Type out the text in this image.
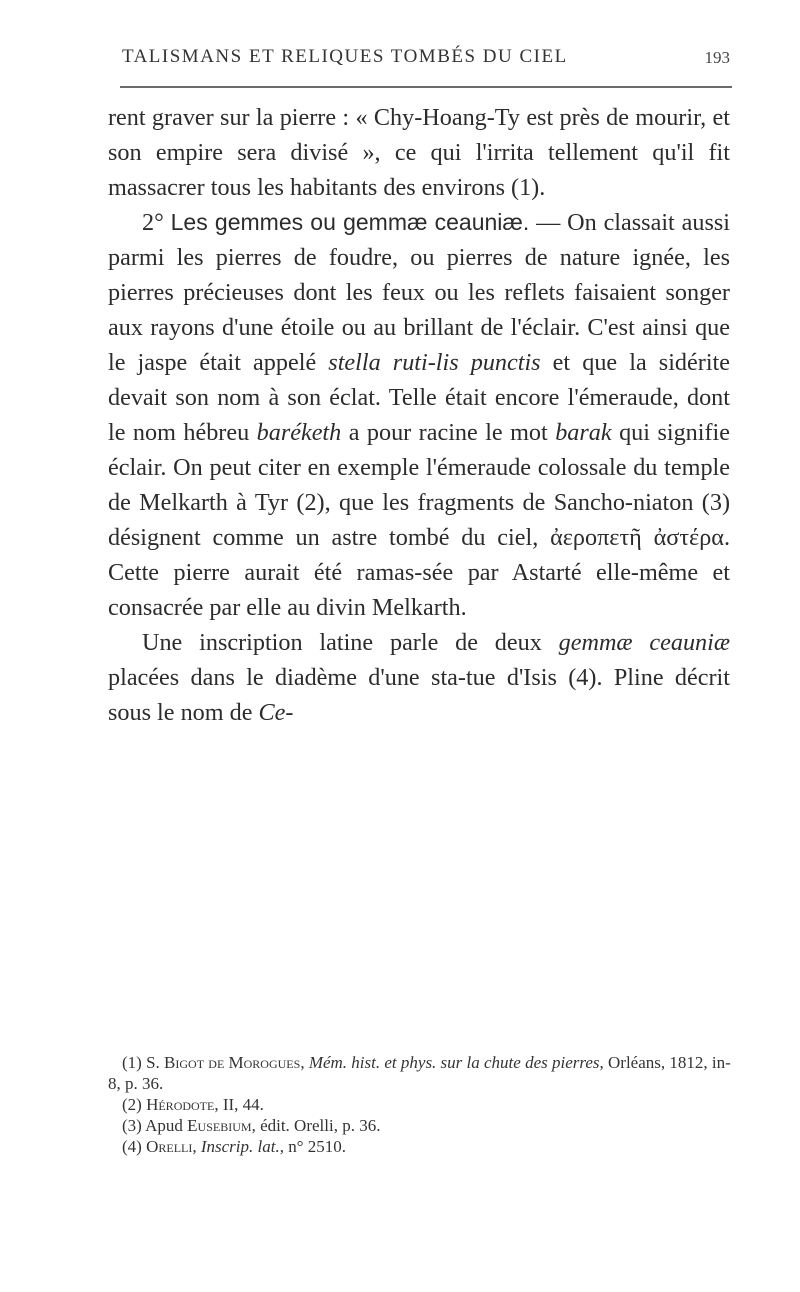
TALISMANS ET RELIQUES TOMBÉS DU CIEL	193

rent graver sur la pierre : « Chy-Hoang-Ty est près de mourir, et son empire sera divisé », ce qui l'irrita tellement qu'il fit massacrer tous les habitants des environs (1).

2° Les gemmes ou gemmæ ceauniæ. — On classait aussi parmi les pierres de foudre, ou pierres de nature ignée, les pierres précieuses dont les feux ou les reflets faisaient songer aux rayons d'une étoile ou au brillant de l'éclair. C'est ainsi que le jaspe était appelé stella ruti-lis punctis et que la sidérite devait son nom à son éclat. Telle était encore l'émeraude, dont le nom hébreu baréketh a pour racine le mot barak qui signifie éclair. On peut citer en exemple l'émeraude colossale du temple de Melkarth à Tyr (2), que les fragments de Sancho-niaton (3) désignent comme un astre tombé du ciel, ἀεροπετῆ ἀστέρα. Cette pierre aurait été ramas-sée par Astarté elle-même et consacrée par elle au divin Melkarth.

Une inscription latine parle de deux gemmæ ceauniæ placées dans le diadème d'une sta-tue d'Isis (4). Pline décrit sous le nom de Ce-

(1) S. Bigot de Morogues, Mém. hist. et phys. sur la chute des pierres, Orléans, 1812, in-8, p. 36.

(2) Hérodote, II, 44.

(3) Apud Eusebium, édit. Orelli, p. 36.

(4) Orelli, Inscrip. lat., n° 2510.
